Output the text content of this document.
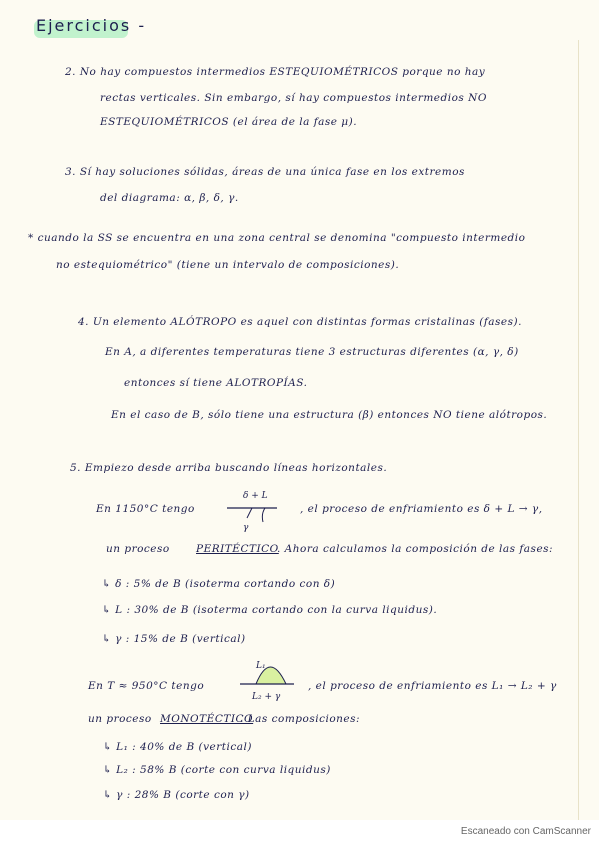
Ejercicios -
2. No hay compuestos intermedios ESTEQUIOMÉTRICOS porque no hay
rectas verticales. Sin embargo, sí hay compuestos intermedios NO
ESTEQUIOMÉTRICOS (el área de la fase μ).
3. Sí hay soluciones sólidas, áreas de una única fase en los extremos
del diagrama: α, β, δ, γ.
* cuando la SS se encuentra en una zona central se denomina "compuesto intermedio
no estequiométrico" (tiene un intervalo de composiciones).
4. Un elemento ALÓTROPO es aquel con distintas formas cristalinas (fases).
En A, a diferentes temperaturas tiene 3 estructuras diferentes (α, γ, δ)
entonces sí tiene ALOTROPÍAS.
En el caso de B, sólo tiene una estructura (β) entonces NO tiene alótropos.
5. Empiezo desde arriba buscando líneas horizontales.
En 1150°C tengo
δ + L
γ
, el proceso de enfriamiento es δ + L → γ,
un proceso	PERITÉCTICO
. Ahora calculamos la composición de las fases:
↳ δ : 5% de B (isoterma cortando con δ)
↳ L : 30% de B (isoterma cortando con la curva liquidus).
↳ γ : 15% de B (vertical)
En T ≈ 950°C tengo
L₁
L₂ + γ
, el proceso de enfriamiento es L₁ → L₂ + γ
un proceso MONOTÉCTICO
. Las composiciones:
↳ L₁ : 40% de B (vertical)
↳ L₂ : 58% B (corte con curva liquidus)
↳ γ : 28% B (corte con γ)
Escaneado con CamScanner
